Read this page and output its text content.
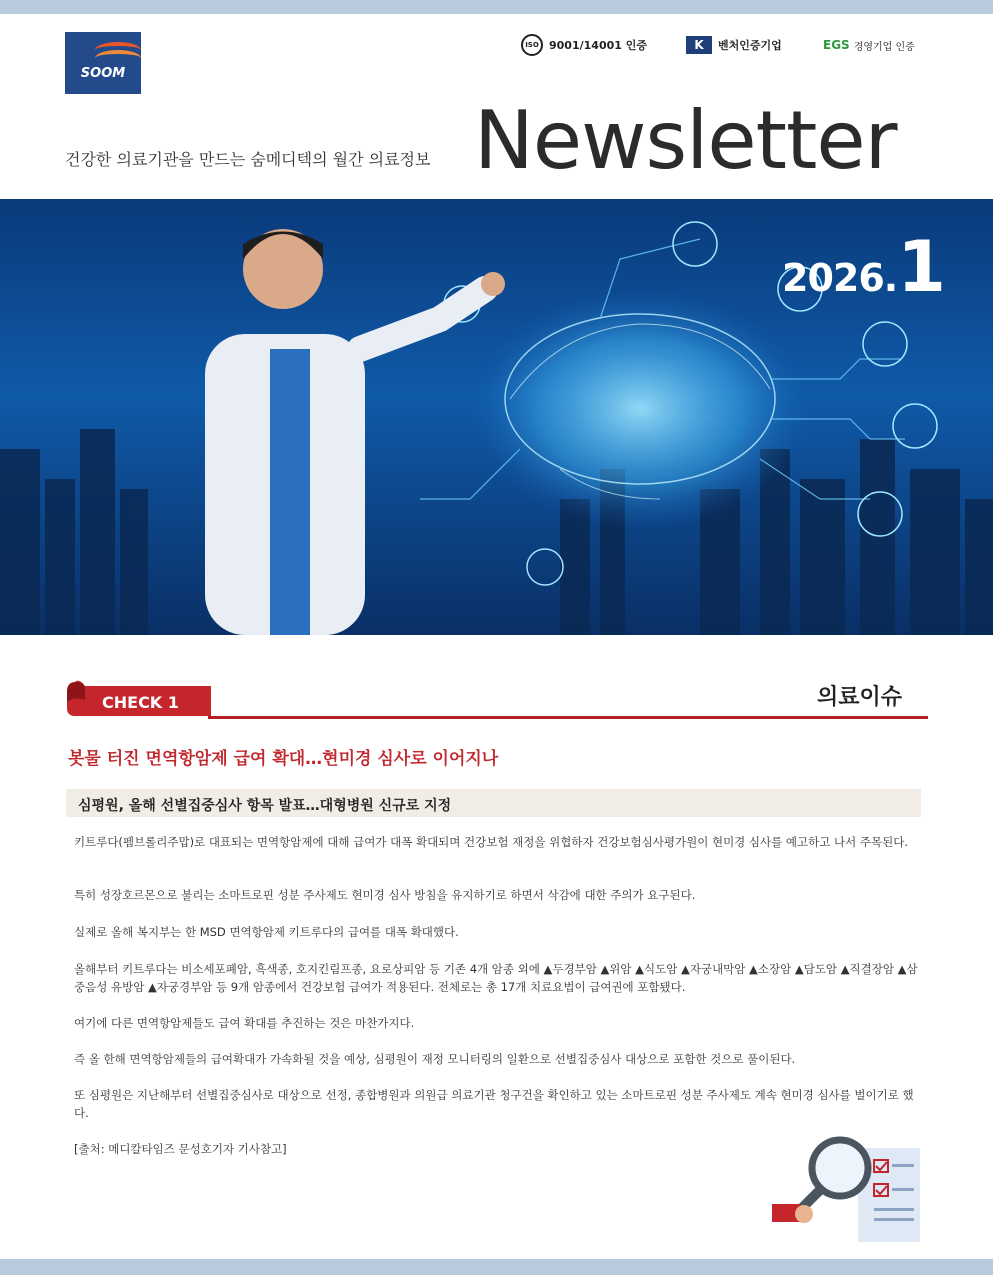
SOOM
ISO 9001/14001 인증	K	벤처인증기업	EGS 경영기업 인증
건강한 의료기관을 만드는 숨메디텍의 월간 의료정보 Newsletter
2026.1
CHECK 1	의료이슈
봇물 터진 면역항암제 급여 확대…현미경 심사로 이어지나
심평원, 올해 선별집중심사 항목 발표…대형병원 신규로 지정

키트루다(펨브롤리주맙)로 대표되는 면역항암제에 대해 급여가 대폭 확대되며 건강보험 재정을 위협하자 건강보험심사평가원이 현미경 심사를 예고하고 나서 주목된다.

특히 성장호르몬으로 불리는 소마트로핀 성분 주사제도 현미경 심사 방침을 유지하기로 하면서 삭감에 대한 주의가 요구된다.

실제로 올해 복지부는 한 MSD 면역항암제 키트루다의 급여를 대폭 확대했다.

올해부터 키트루다는 비소세포폐암, 흑색종, 호지킨림프종, 요로상피암 등 기존 4개 암종 외에 ▲두경부암 ▲위암 ▲식도암 ▲자궁내막암 ▲소장암 ▲담도암 ▲직결장암 ▲삼중음성 유방암 ▲자궁경부암 등 9개 암종에서 건강보험 급여가 적용된다. 전체로는 총 17개 치료요법이 급여권에 포함됐다.

여기에 다른 면역항암제들도 급여 확대를 추진하는 것은 마찬가지다.

즉 올 한해 면역항암제들의 급여확대가 가속화될 것을 예상, 심평원이 재정 모니터링의 일환으로 선별집중심사 대상으로 포함한 것으로 풀이된다.

또 심평원은 지난해부터 선별집중심사로 대상으로 선정, 종합병원과 의원급 의료기관 청구건을 확인하고 있는 소마트로핀 성분 주사제도 계속 현미경 심사를 벌이기로 했다.

[출처: 메디칼타임즈 문성호기자 기사참고]
